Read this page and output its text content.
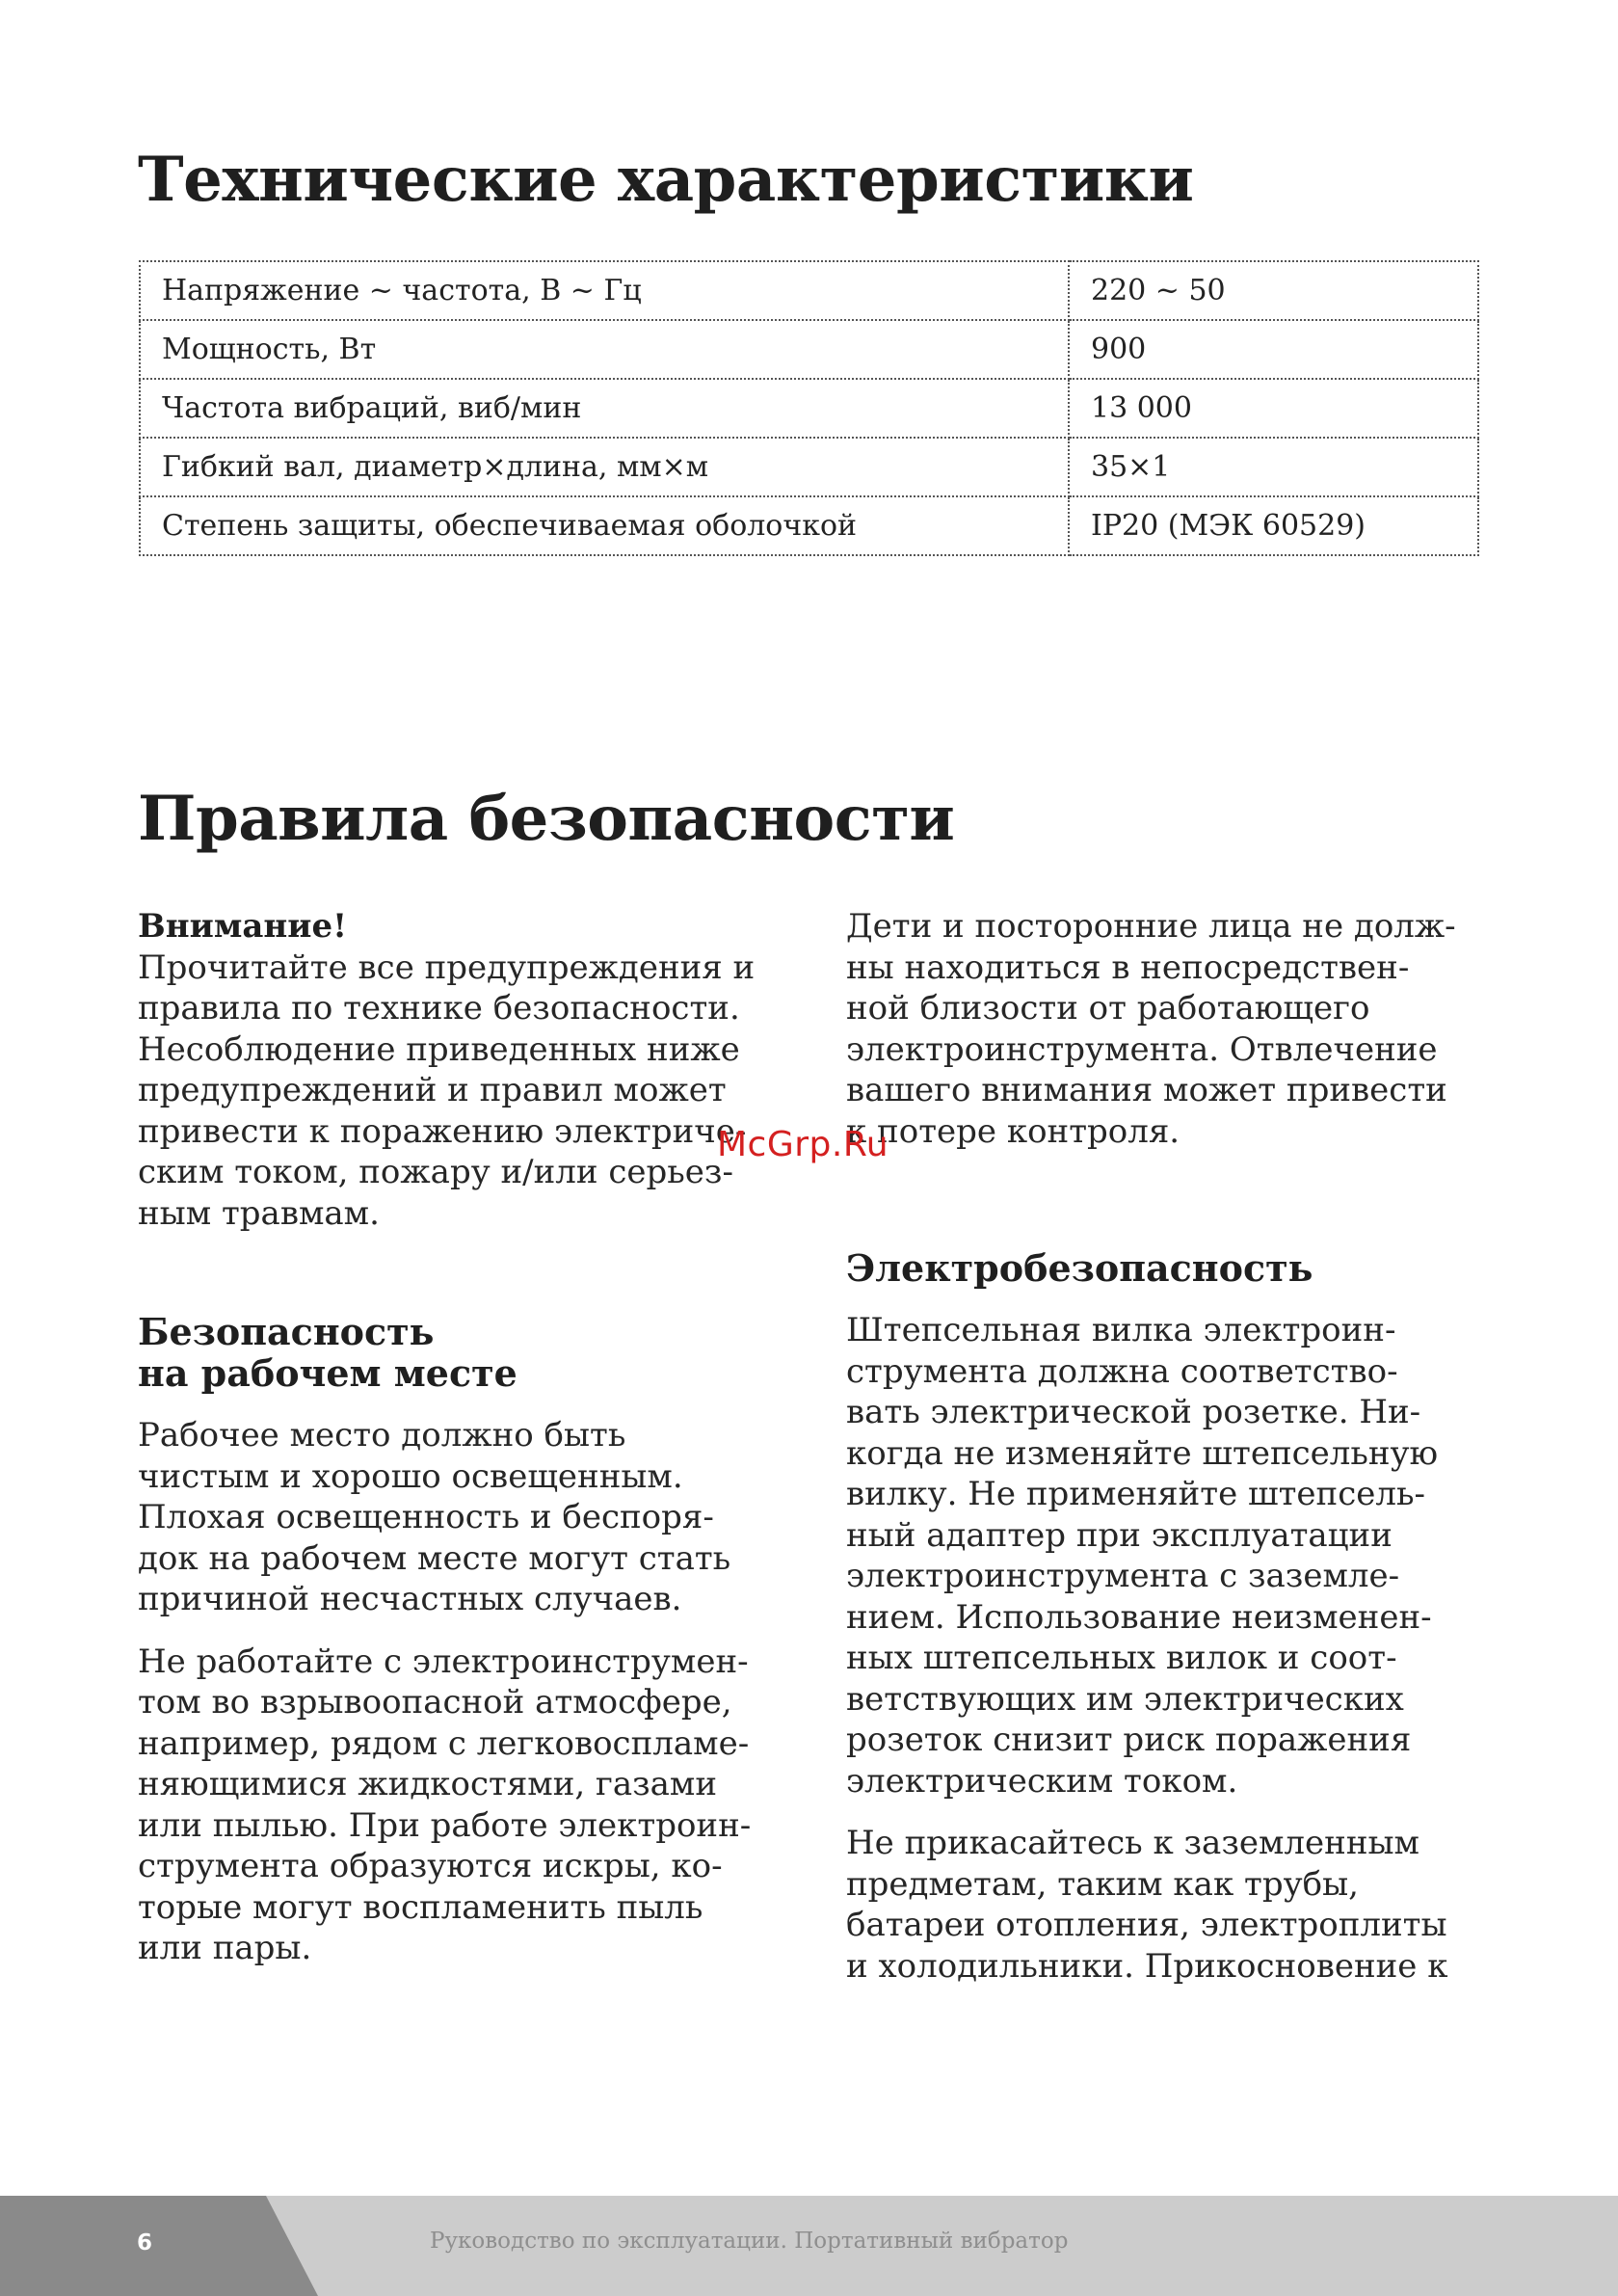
Технические характеристики
Напряжение ~ частота, В ~ Гц	220 ~ 50
Мощность, Вт	900
Частота вибраций, виб/мин	13 000
Гибкий вал, диаметр×длина, мм×м	35×1
Степень защиты, обеспечиваемая оболочкой	IP20 (МЭК 60529)
Правила безопасности

Внимание!

Прочитайте все предупреждения и
правила по технике безопасности.
Несоблюдение приведенных ниже
предупреждений и правил может
привести к поражению электриче-
ским током, пожару и/или серьез-
ным травмам.

Безопасность
на рабочем месте

Рабочее место должно быть
чистым и хорошо освещенным.
Плохая освещенность и беспоря-
док на рабочем месте могут стать
причиной несчастных случаев.

Не работайте с электроинструмен-
том во взрывоопасной атмосфере,
например, рядом с легковоспламе-
няющимися жидкостями, газами
или пылью. При работе электроин-
струмента образуются искры, ко-
торые могут воспламенить пыль
или пары.

Дети и посторонние лица не долж-
ны находиться в непосредствен-
ной близости от работающего
электроинструмента. Отвлечение
вашего внимания может привести
к потере контроля.

Электробезопасность

Штепсельная вилка электроин-
струмента должна соответство-
вать электрической розетке. Ни-
когда не изменяйте штепсельную
вилку. Не применяйте штепсель-
ный адаптер при эксплуатации
электроинструмента с заземле-
нием. Использование неизменен-
ных штепсельных вилок и соот-
ветствующих им электрических
розеток снизит риск поражения
электрическим током.

Не прикасайтесь к заземленным
предметам, таким как трубы,
батареи отопления, электроплиты
и холодильники. Прикосновение к

McGrp.Ru
6	Руководство по эксплуатации. Портативный вибратор
